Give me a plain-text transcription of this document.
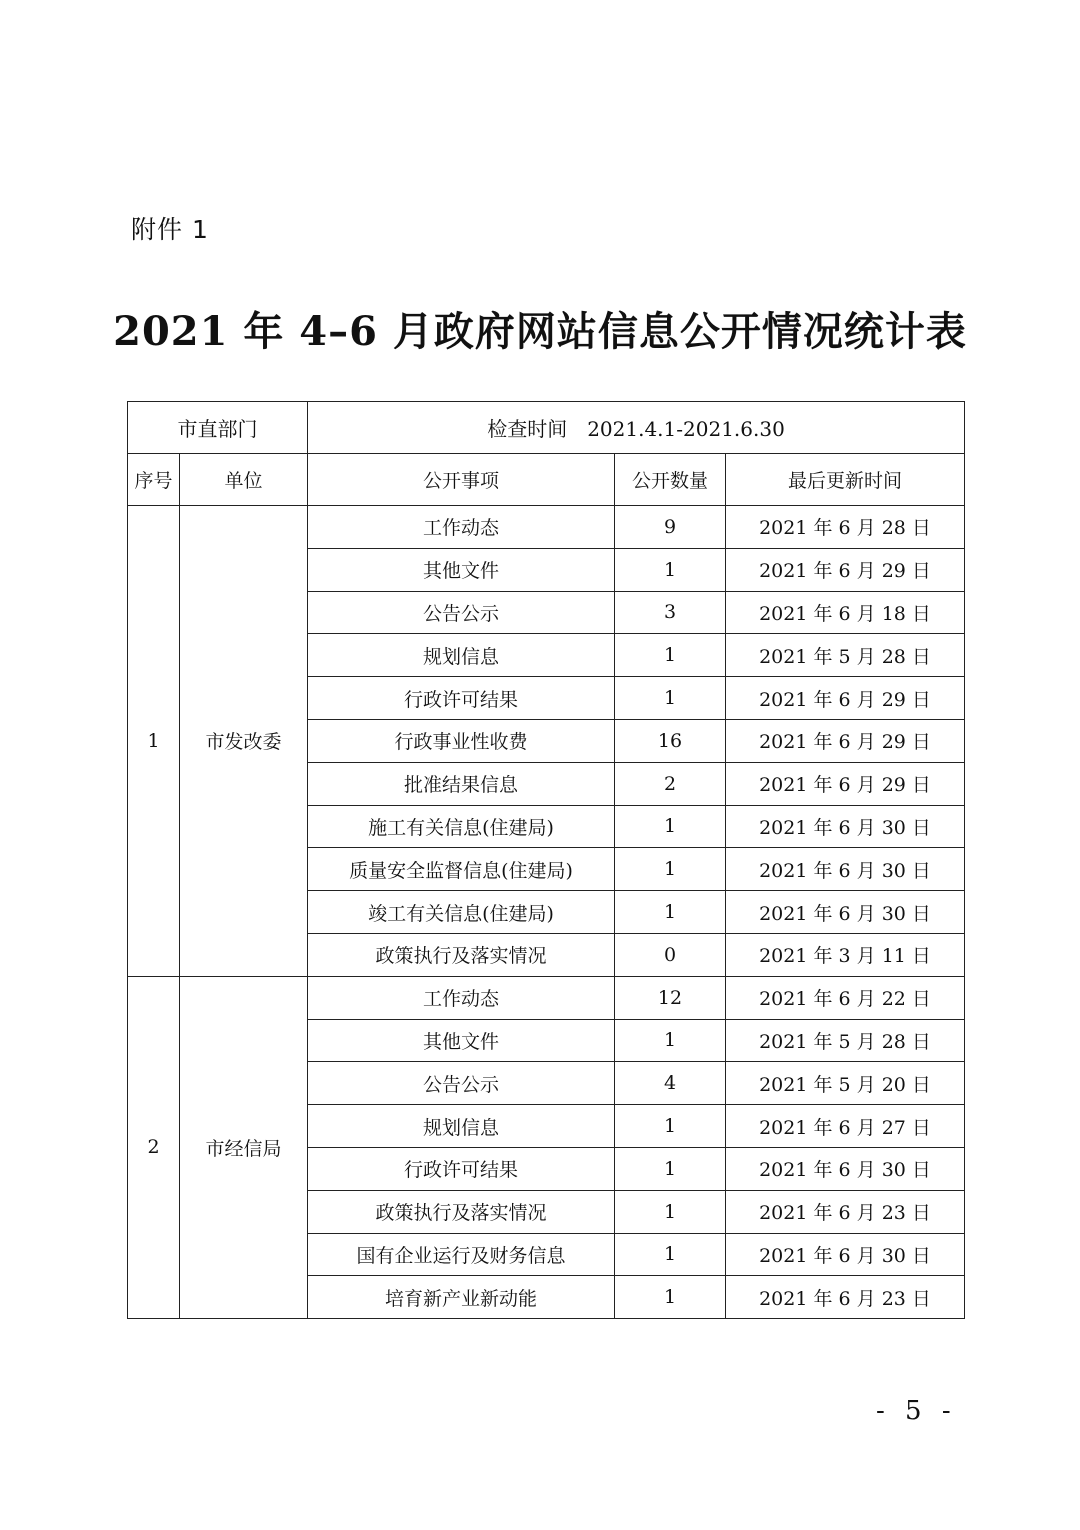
附件 1
2021 年 4–6 月政府网站信息公开情况统计表
市直部门		检查时间　2021.4.1-2021.6.30		
序号	单位	公开事项	公开数量	最后更新时间
1	市发改委	工作动态	9	2021 年 6 月 28 日
		其他文件	1	2021 年 6 月 29 日
		公告公示	3	2021 年 6 月 18 日
		规划信息	1	2021 年 5 月 28 日
		行政许可结果	1	2021 年 6 月 29 日
		行政事业性收费	16	2021 年 6 月 29 日
		批准结果信息	2	2021 年 6 月 29 日
		施工有关信息(住建局)	1	2021 年 6 月 30 日
		质量安全监督信息(住建局)	1	2021 年 6 月 30 日
		竣工有关信息(住建局)	1	2021 年 6 月 30 日
		政策执行及落实情况	0	2021 年 3 月 11 日
2	市经信局	工作动态	12	2021 年 6 月 22 日
		其他文件	1	2021 年 5 月 28 日
		公告公示	4	2021 年 5 月 20 日
		规划信息	1	2021 年 6 月 27 日
		行政许可结果	1	2021 年 6 月 30 日
		政策执行及落实情况	1	2021 年 6 月 23 日
		国有企业运行及财务信息	1	2021 年 6 月 30 日
		培育新产业新动能	1	2021 年 6 月 23 日
- 5 -
